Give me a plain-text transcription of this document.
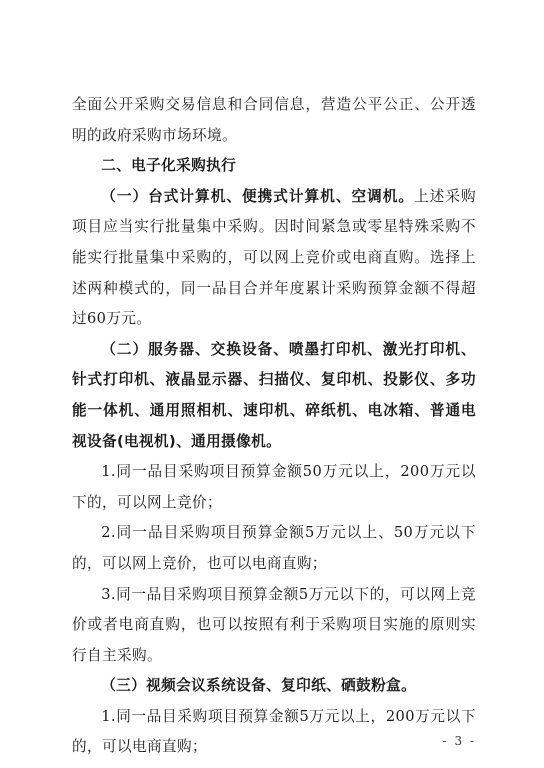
全面公开采购交易信息和合同信息，营造公平公正、公开透明的政府采购市场环境。

二、电子化采购执行

（一）台式计算机、便携式计算机、空调机。上述采购项目应当实行批量集中采购。因时间紧急或零星特殊采购不能实行批量集中采购的，可以网上竞价或电商直购。选择上述两种模式的，同一品目合并年度累计采购预算金额不得超过60万元。

（二）服务器、交换设备、喷墨打印机、激光打印机、针式打印机、液晶显示器、扫描仪、复印机、投影仪、多功能一体机、通用照相机、速印机、碎纸机、电冰箱、普通电视设备(电视机)、通用摄像机。

1.同一品目采购项目预算金额50万元以上，200万元以下的，可以网上竞价；

2.同一品目采购项目预算金额5万元以上、50万元以下的，可以网上竞价，也可以电商直购；

3.同一品目采购项目预算金额5万元以下的，可以网上竞价或者电商直购，也可以按照有利于采购项目实施的原则实行自主采购。

（三）视频会议系统设备、复印纸、硒鼓粉盒。

1.同一品目采购项目预算金额5万元以上，200万元以下的，可以电商直购；	- 3 -
